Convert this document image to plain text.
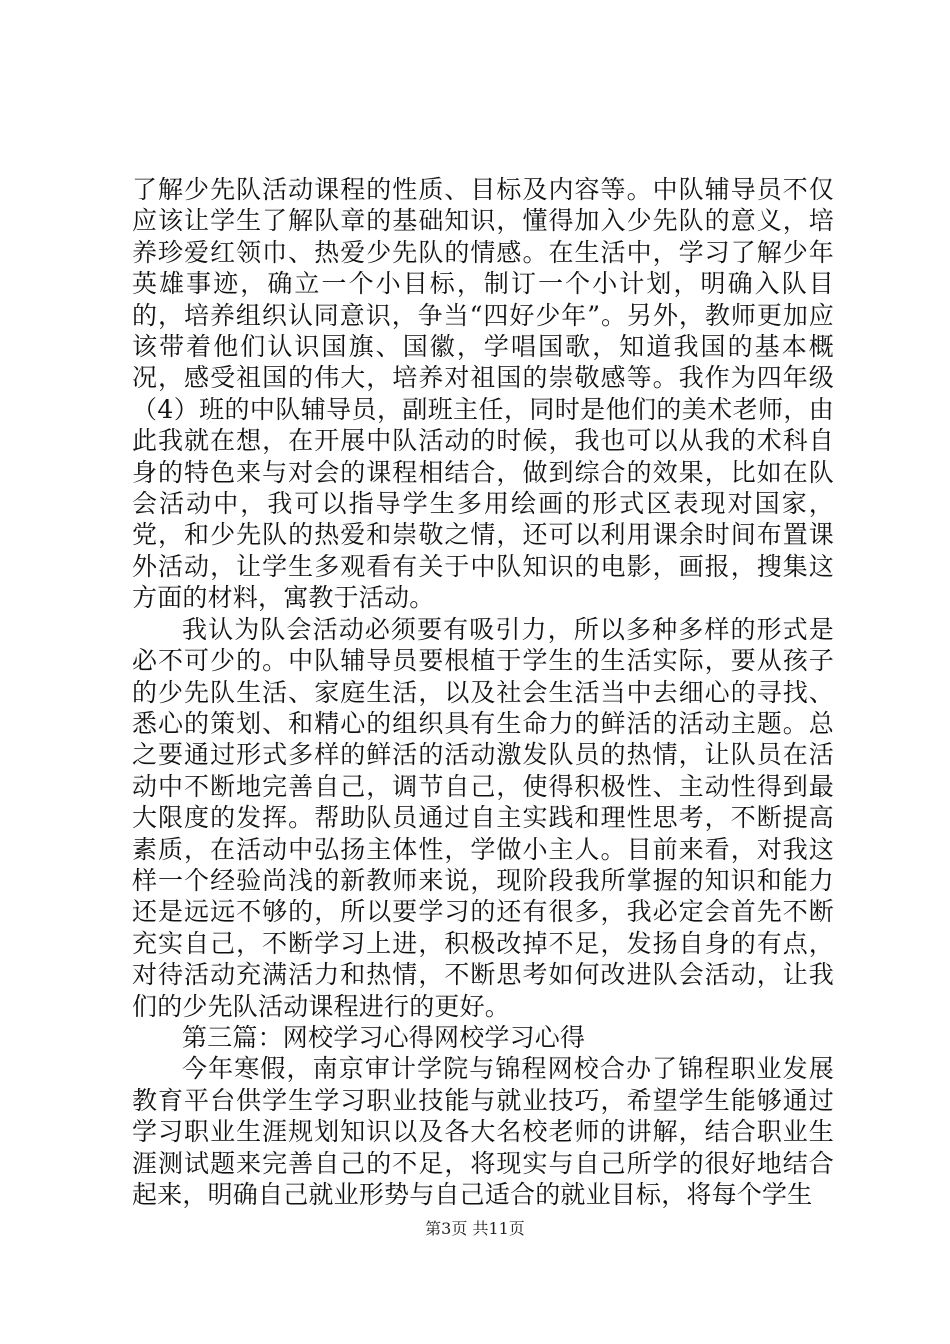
了解少先队活动课程的性质、目标及内容等。中队辅导员不仅应该让学生了解队章的基础知识，懂得加入少先队的意义，培养珍爱红领巾、热爱少先队的情感。在生活中，学习了解少年英雄事迹，确立一个小目标，制订一个小计划，明确入队目的，培养组织认同意识，争当“四好少年”。另外，教师更加应该带着他们认识国旗、国徽，学唱国歌，知道我国的基本概况，感受祖国的伟大，培养对祖国的崇敬感等。我作为四年级（4）班的中队辅导员，副班主任，同时是他们的美术老师，由此我就在想，在开展中队活动的时候，我也可以从我的术科自身的特色来与对会的课程相结合，做到综合的效果，比如在队会活动中，我可以指导学生多用绘画的形式区表现对国家，党，和少先队的热爱和崇敬之情，还可以利用课余时间布置课外活动，让学生多观看有关于中队知识的电影，画报，搜集这方面的材料，寓教于活动。

我认为队会活动必须要有吸引力，所以多种多样的形式是必不可少的。中队辅导员要根植于学生的生活实际，要从孩子的少先队生活、家庭生活，以及社会生活当中去细心的寻找、悉心的策划、和精心的组织具有生命力的鲜活的活动主题。总之要通过形式多样的鲜活的活动激发队员的热情，让队员在活动中不断地完善自己，调节自己，使得积极性、主动性得到最大限度的发挥。帮助队员通过自主实践和理性思考，不断提高素质，在活动中弘扬主体性，学做小主人。目前来看，对我这样一个经验尚浅的新教师来说，现阶段我所掌握的知识和能力还是远远不够的，所以要学习的还有很多，我必定会首先不断充实自己，不断学习上进，积极改掉不足，发扬自身的有点，对待活动充满活力和热情，不断思考如何改进队会活动，让我们的少先队活动课程进行的更好。

第三篇：网校学习心得网校学习心得

今年寒假，南京审计学院与锦程网校合办了锦程职业发展教育平台供学生学习职业技能与就业技巧，希望学生能够通过学习职业生涯规划知识以及各大名校老师的讲解，结合职业生涯测试题来完善自己的不足，将现实与自己所学的很好地结合起来，明确自己就业形势与自己适合的就业目标，将每个学生

第3页 共11页
